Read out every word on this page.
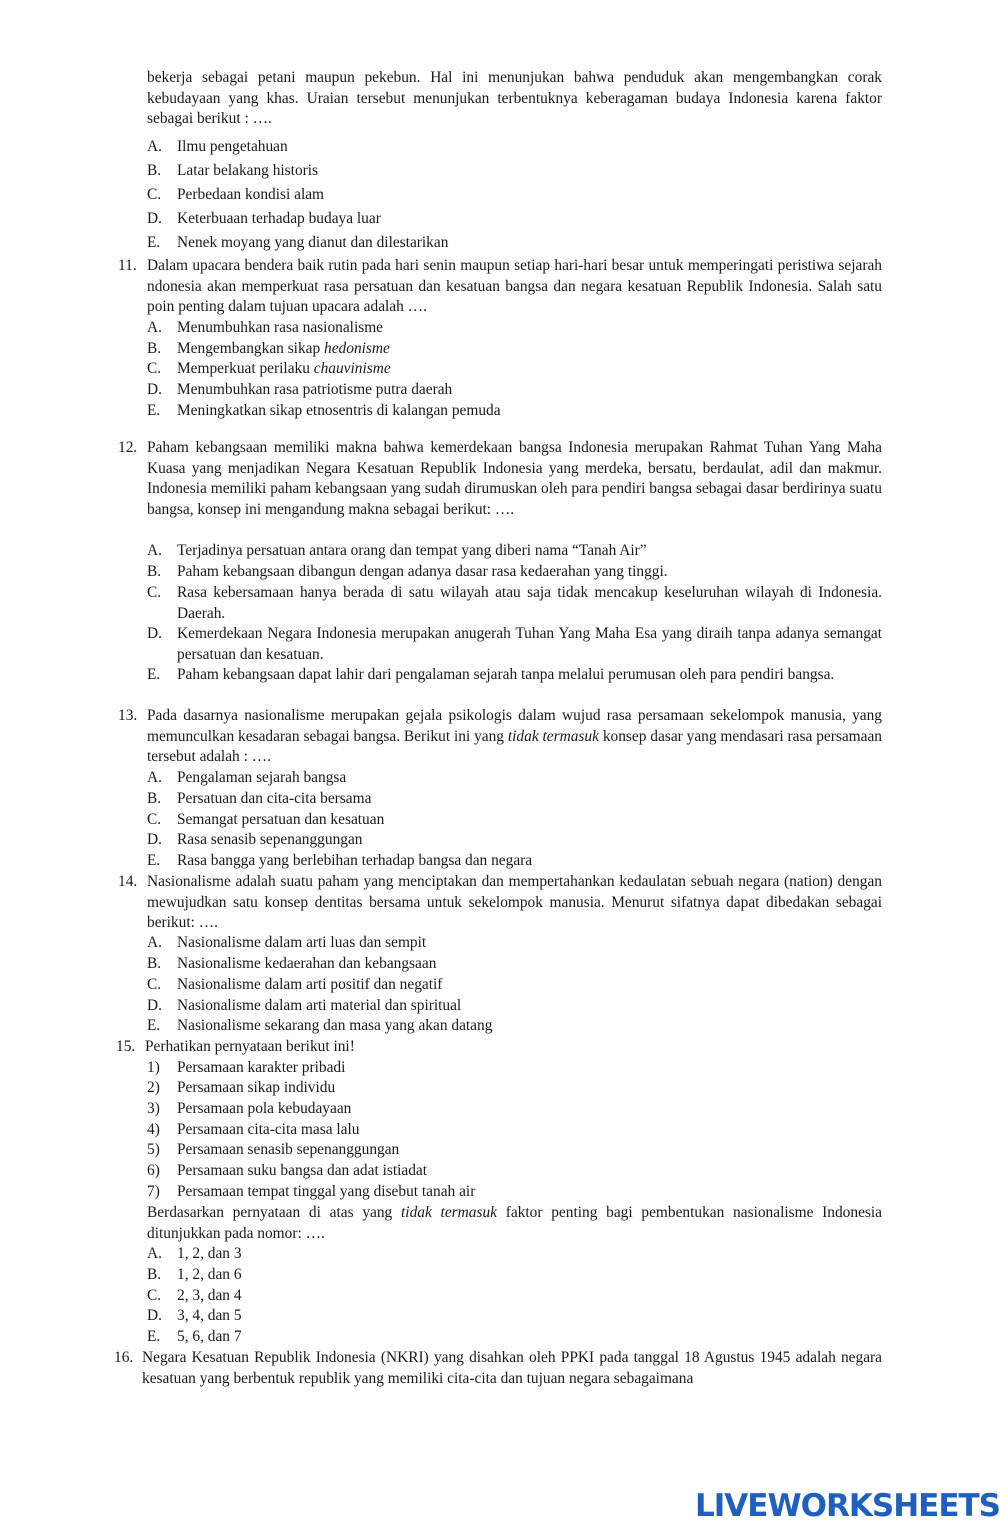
bekerja sebagai petani maupun pekebun. Hal ini menunjukan bahwa penduduk akan mengembangkan corak kebudayaan yang khas. Uraian tersebut menunjukan terbentuknya keberagaman budaya Indonesia karena faktor sebagai berikut : ….
A. Ilmu pengetahuan
B.	Latar belakang historis
C.	Perbedaan kondisi alam
D. Keterbuaan terhadap budaya luar
E.	Nenek moyang yang dianut dan dilestarikan
11. Dalam upacara bendera baik rutin pada hari senin maupun setiap hari-hari besar untuk memperingati peristiwa sejarah ndonesia akan memperkuat rasa persatuan dan kesatuan bangsa dan negara kesatuan Republik Indonesia. Salah satu poin penting dalam tujuan upacara adalah ….
A. Menumbuhkan rasa nasionalisme
B.	Mengembangkan sikap hedonisme
C.	Memperkuat perilaku chauvinisme
D. Menumbuhkan rasa patriotisme putra daerah
E.	Meningkatkan sikap etnosentris di kalangan pemuda
12. Paham kebangsaan memiliki makna bahwa kemerdekaan bangsa Indonesia merupakan Rahmat Tuhan Yang Maha Kuasa yang menjadikan Negara Kesatuan Republik Indonesia yang merdeka, bersatu, berdaulat, adil dan makmur. Indonesia memiliki paham kebangsaan yang sudah dirumuskan oleh para pendiri bangsa sebagai dasar berdirinya suatu bangsa, konsep ini mengandung makna sebagai berikut: ….
A. Terjadinya persatuan antara orang dan tempat yang diberi nama “Tanah Air”
B.	Paham kebangsaan dibangun dengan adanya dasar rasa kedaerahan yang tinggi.
C.	Rasa kebersamaan hanya berada di satu wilayah atau saja tidak mencakup keseluruhan wilayah di Indonesia. Daerah.
D. Kemerdekaan Negara Indonesia merupakan anugerah Tuhan Yang Maha Esa yang diraih tanpa adanya semangat persatuan dan kesatuan.
E.	Paham kebangsaan dapat lahir dari pengalaman sejarah tanpa melalui perumusan oleh para pendiri bangsa.
13. Pada dasarnya nasionalisme merupakan gejala psikologis dalam wujud rasa persamaan sekelompok manusia, yang memunculkan kesadaran sebagai bangsa. Berikut ini yang tidak termasuk konsep dasar yang mendasari rasa persamaan tersebut adalah : ….
A. Pengalaman sejarah bangsa
B.	Persatuan dan cita-cita bersama
C.	Semangat persatuan dan kesatuan
D. Rasa senasib sepenanggungan
E.	Rasa bangga yang berlebihan terhadap bangsa dan negara
14. Nasionalisme adalah suatu paham yang menciptakan dan mempertahankan kedaulatan sebuah negara (nation) dengan mewujudkan satu konsep dentitas bersama untuk sekelompok manusia. Menurut sifatnya dapat dibedakan sebagai berikut: ….
A. Nasionalisme dalam arti luas dan sempit
B.	Nasionalisme kedaerahan dan kebangsaan
C.	Nasionalisme dalam arti positif dan negatif
D. Nasionalisme dalam arti material dan spiritual
E.	Nasionalisme sekarang dan masa yang akan datang
15. Perhatikan pernyataan berikut ini!
1)	Persamaan karakter pribadi
2)	Persamaan sikap individu
3)	Persamaan pola kebudayaan
4)	Persamaan cita-cita masa lalu
5)	Persamaan senasib sepenanggungan
6)	Persamaan suku bangsa dan adat istiadat
7)	Persamaan tempat tinggal yang disebut tanah air
Berdasarkan pernyataan di atas yang tidak termasuk faktor penting bagi pembentukan nasionalisme Indonesia ditunjukkan pada nomor: ….
A. 1, 2, dan 3
B.	1, 2, dan 6
C.	2, 3, dan 4
D. 3, 4, dan 5
E.	5, 6, dan 7
16. Negara Kesatuan Republik Indonesia (NKRI) yang disahkan oleh PPKI pada tanggal 18 Agustus 1945 adalah negara kesatuan yang berbentuk republik yang memiliki cita-cita dan tujuan negara sebagaimana
LIVEWORKSHEETS
